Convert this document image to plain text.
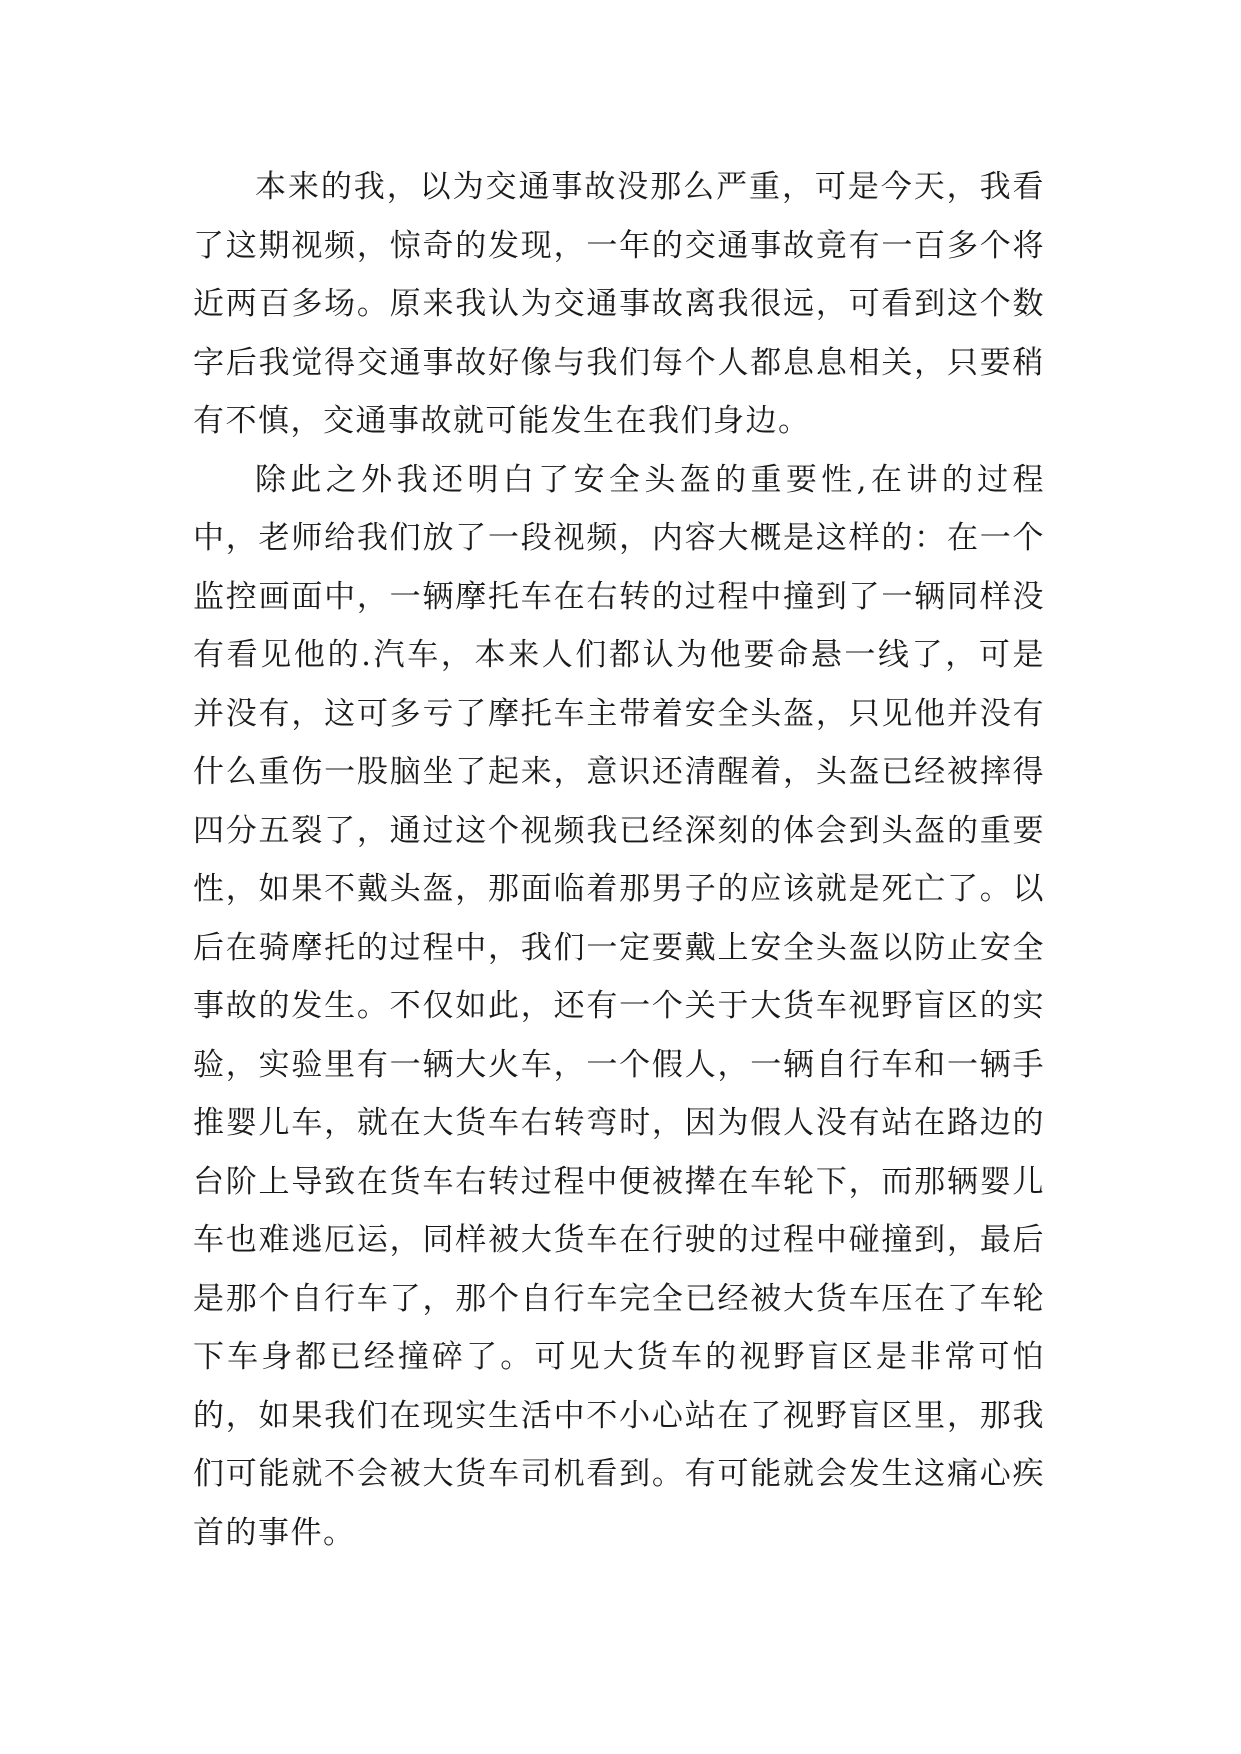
本来的我，以为交通事故没那么严重，可是今天，我看了这期视频，惊奇的发现，一年的交通事故竟有一百多个将近两百多场。原来我认为交通事故离我很远，可看到这个数字后我觉得交通事故好像与我们每个人都息息相关，只要稍有不慎，交通事故就可能发生在我们身边。

除此之外我还明白了安全头盔的重要性,在讲的过程中，老师给我们放了一段视频，内容大概是这样的：在一个监控画面中，一辆摩托车在右转的过程中撞到了一辆同样没有看见他的.汽车，本来人们都认为他要命悬一线了，可是并没有，这可多亏了摩托车主带着安全头盔，只见他并没有什么重伤一股脑坐了起来，意识还清醒着，头盔已经被摔得四分五裂了，通过这个视频我已经深刻的体会到头盔的重要性，如果不戴头盔，那面临着那男子的应该就是死亡了。以后在骑摩托的过程中，我们一定要戴上安全头盔以防止安全事故的发生。不仅如此，还有一个关于大货车视野盲区的实验，实验里有一辆大火车，一个假人，一辆自行车和一辆手推婴儿车，就在大货车右转弯时，因为假人没有站在路边的台阶上导致在货车右转过程中便被撵在车轮下，而那辆婴儿车也难逃厄运，同样被大货车在行驶的过程中碰撞到，最后是那个自行车了，那个自行车完全已经被大货车压在了车轮下车身都已经撞碎了。可见大货车的视野盲区是非常可怕的，如果我们在现实生活中不小心站在了视野盲区里，那我们可能就不会被大货车司机看到。有可能就会发生这痛心疾首的事件。
